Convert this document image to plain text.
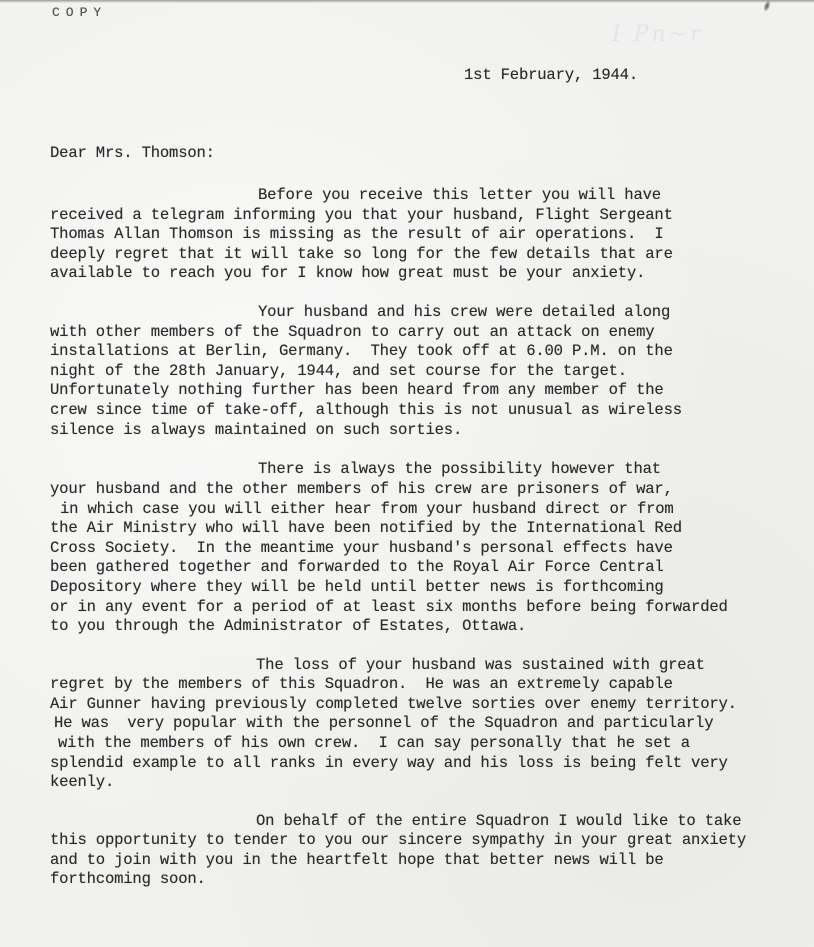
I Pn~r
COPY
1st February, 1944.
Dear Mrs. Thomson:
Before you receive this letter you will have
received a telegram informing you that your husband, Flight Sergeant
Thomas Allan Thomson is missing as the result of air operations.  I
deeply regret that it will take so long for the few details that are
available to reach you for I know how great must be your anxiety.
Your husband and his crew were detailed along
with other members of the Squadron to carry out an attack on enemy
installations at Berlin, Germany.  They took off at 6.00 P.M. on the
night of the 28th January, 1944, and set course for the target.
Unfortunately nothing further has been heard from any member of the
crew since time of take-off, although this is not unusual as wireless
silence is always maintained on such sorties.
There is always the possibility however that
your husband and the other members of his crew are prisoners of war,
in which case you will either hear from your husband direct or from
the Air Ministry who will have been notified by the International Red
Cross Society.  In the meantime your husband's personal effects have
been gathered together and forwarded to the Royal Air Force Central
Depository where they will be held until better news is forthcoming
or in any event for a period of at least six months before being forwarded
to you through the Administrator of Estates, Ottawa.
The loss of your husband was sustained with great
regret by the members of this Squadron.  He was an extremely capable
Air Gunner having previously completed twelve sorties over enemy territory.
He was  very popular with the personnel of the Squadron and particularly
with the members of his own crew.  I can say personally that he set a
splendid example to all ranks in every way and his loss is being felt very
keenly.
On behalf of the entire Squadron I would like to take
this opportunity to tender to you our sincere sympathy in your great anxiety
and to join with you in the heartfelt hope that better news will be
forthcoming soon.
